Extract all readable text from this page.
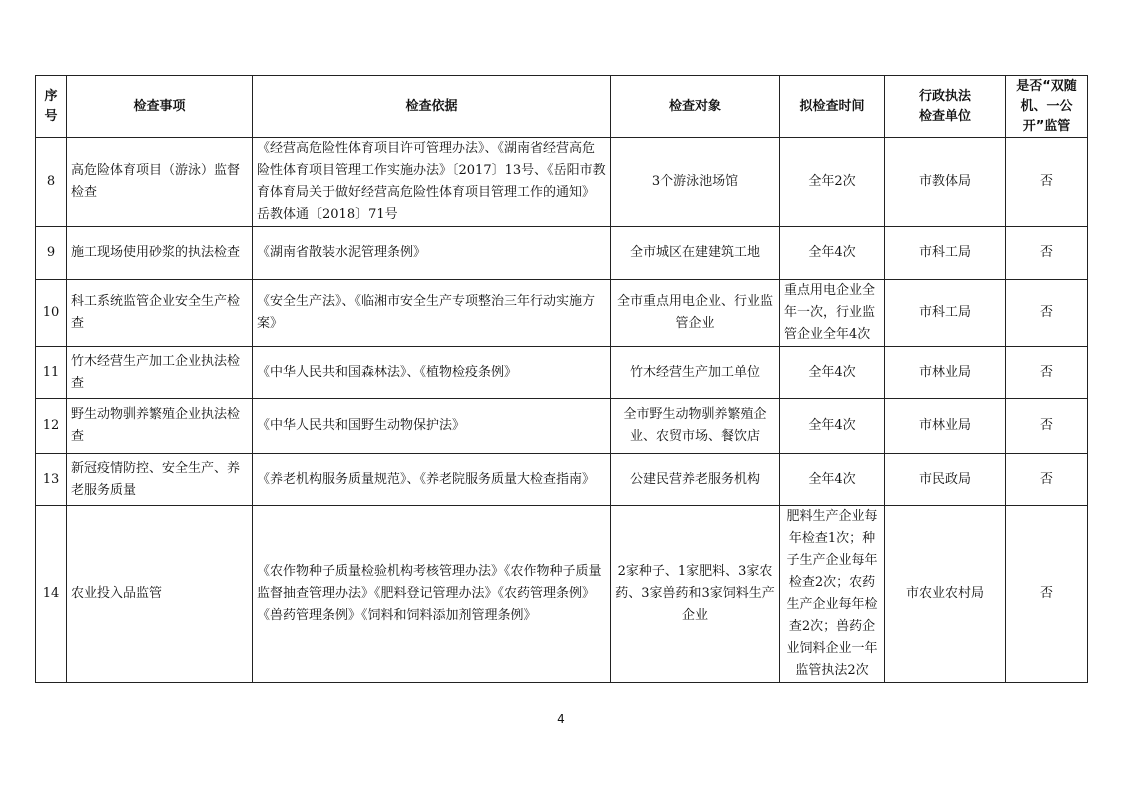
序号	检查事项	检查依据	检查对象	拟检查时间	行政执法检查单位	是否“双随机、一公开”监管
8	高危险体育项目（游泳）监督检查	《经营高危险性体育项目许可管理办法》、《湖南省经营高危险性体育项目管理工作实施办法》〔2017〕13号、《岳阳市教育体育局关于做好经营高危险性体育项目管理工作的通知》岳教体通〔2018〕71号	3个游泳池场馆	全年2次	市教体局	否
9	施工现场使用砂浆的执法检查	《湖南省散装水泥管理条例》	全市城区在建建筑工地	全年4次	市科工局	否
10	科工系统监管企业安全生产检查	《安全生产法》、《临湘市安全生产专项整治三年行动实施方案》	全市重点用电企业、行业监管企业	重点用电企业全年一次，行业监管企业全年4次	市科工局	否
11	竹木经营生产加工企业执法检查	《中华人民共和国森林法》、《植物检疫条例》	竹木经营生产加工单位	全年4次	市林业局	否
12	野生动物驯养繁殖企业执法检查	《中华人民共和国野生动物保护法》	全市野生动物驯养繁殖企业、农贸市场、餐饮店	全年4次	市林业局	否
13	新冠疫情防控、安全生产、养老服务质量	《养老机构服务质量规范》、《养老院服务质量大检查指南》	公建民营养老服务机构	全年4次	市民政局	否
14	农业投入品监管	《农作物种子质量检验机构考核管理办法》《农作物种子质量监督抽查管理办法》《肥料登记管理办法》《农药管理条例》《兽药管理条例》《饲料和饲料添加剂管理条例》	2家种子、1家肥料、3家农药、3家兽药和3家饲料生产企业	肥料生产企业每年检查1次；种子生产企业每年检查2次；农药生产企业每年检查2次；兽药企业饲料企业一年监管执法2次	市农业农村局	否
4
